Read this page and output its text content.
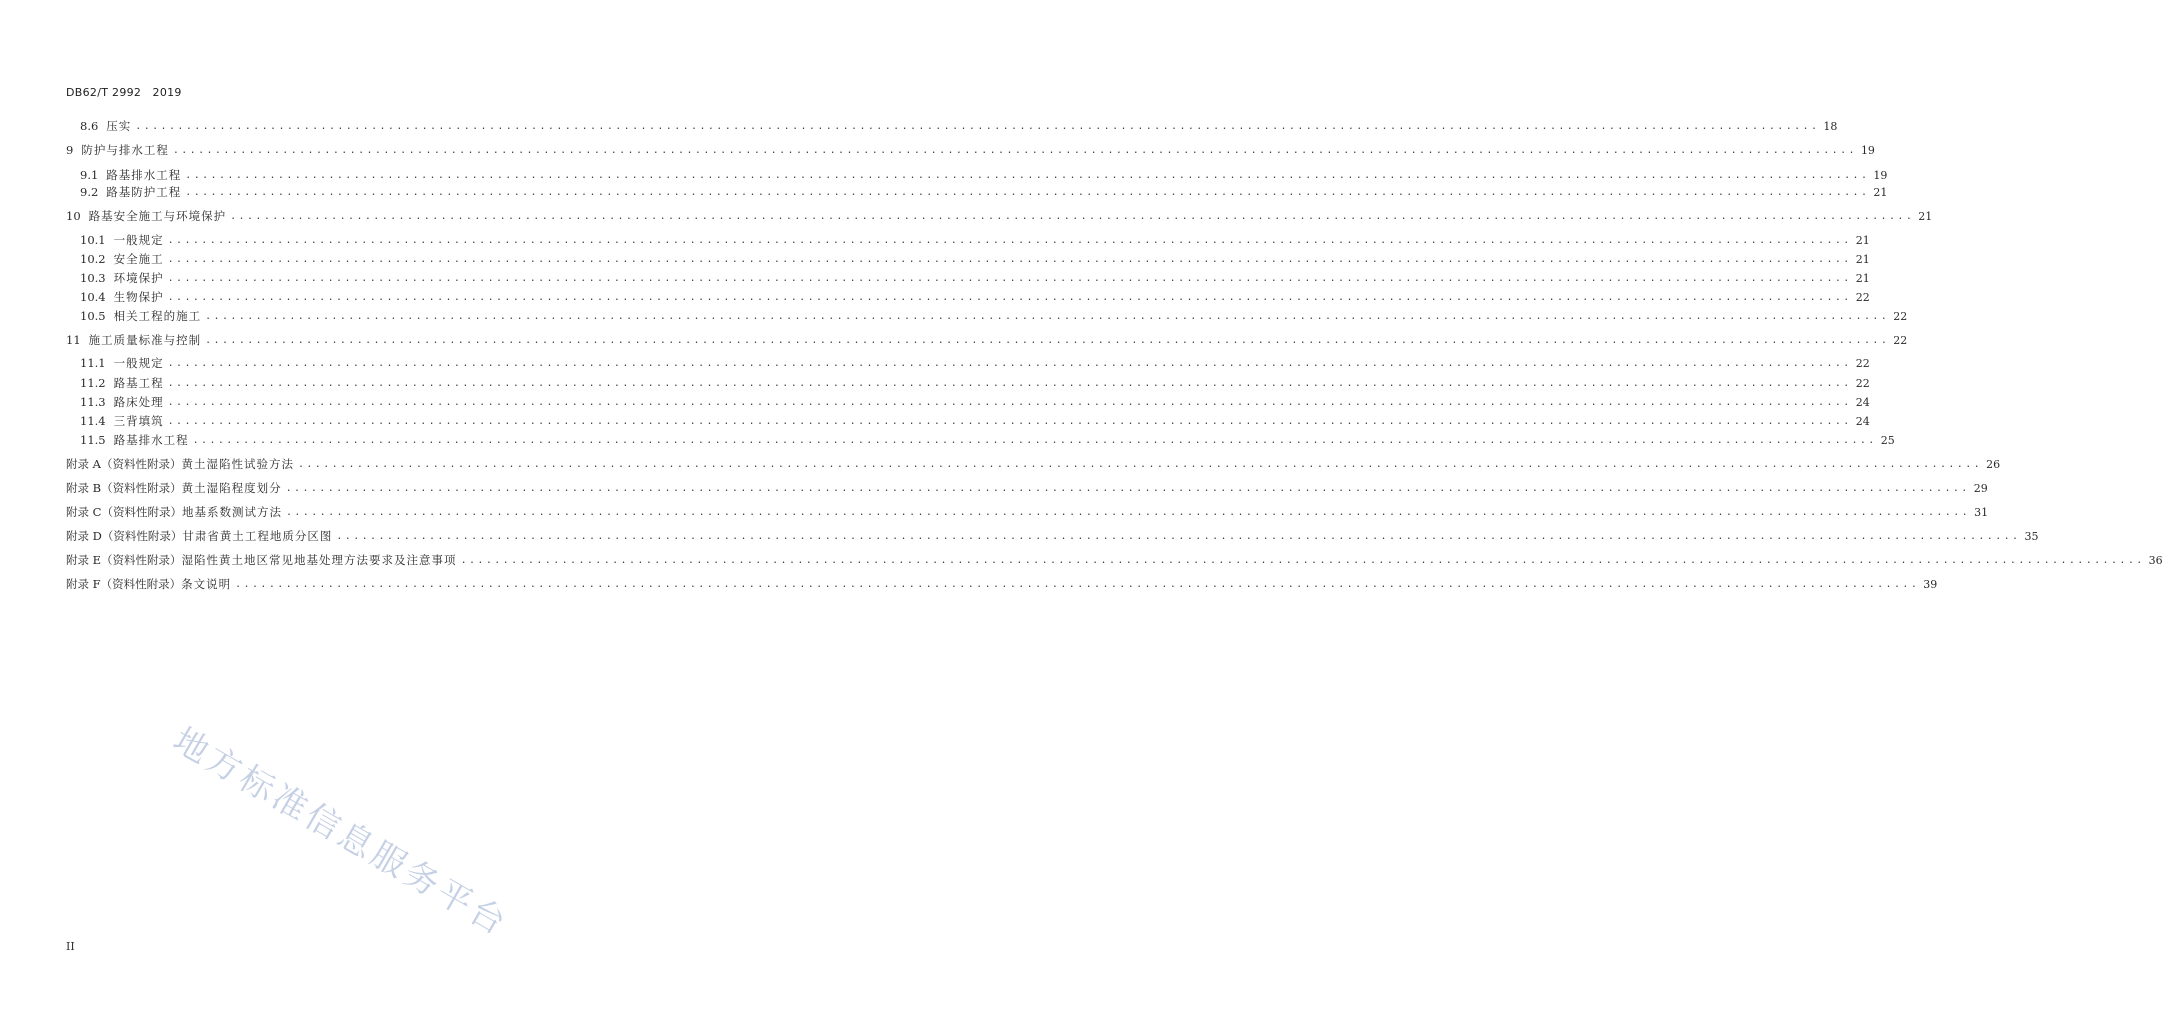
DB62/T 2992 2019
8.6 压实 ........................................................................................................................................................................................................ 18
9 防护与排水工程 ........................................................................................................................................................................................................ 19
9.1 路基排水工程 ........................................................................................................................................................................................................ 19
9.2 路基防护工程 ........................................................................................................................................................................................................ 21
10 路基安全施工与环境保护 ........................................................................................................................................................................................................ 21
10.1 一般规定 ........................................................................................................................................................................................................ 21
10.2 安全施工 ........................................................................................................................................................................................................ 21
10.3 环境保护 ........................................................................................................................................................................................................ 21
10.4 生物保护 ........................................................................................................................................................................................................ 22
10.5 相关工程的施工 ........................................................................................................................................................................................................ 22
11 施工质量标准与控制 ........................................................................................................................................................................................................ 22
11.1 一般规定 ........................................................................................................................................................................................................ 22
11.2 路基工程 ........................................................................................................................................................................................................ 22
11.3 路床处理 ........................................................................................................................................................................................................ 24
11.4 三背填筑 ........................................................................................................................................................................................................ 24
11.5 路基排水工程 ........................................................................................................................................................................................................ 25
附录 A（资料性附录） 黄土湿陷性试验方法 ........................................................................................................................................................................................................ 26
附录 B（资料性附录） 黄土湿陷程度划分 ........................................................................................................................................................................................................ 29
附录 C（资料性附录） 地基系数测试方法 ........................................................................................................................................................................................................ 31
附录 D（资料性附录） 甘肃省黄土工程地质分区图 ........................................................................................................................................................................................................ 35
附录 E（资料性附录） 湿陷性黄土地区常见地基处理方法要求及注意事项 ........................................................................................................................................................................................................ 36
附录 F（资料性附录） 条文说明 ........................................................................................................................................................................................................ 39
地方标准信息服务平台
II
